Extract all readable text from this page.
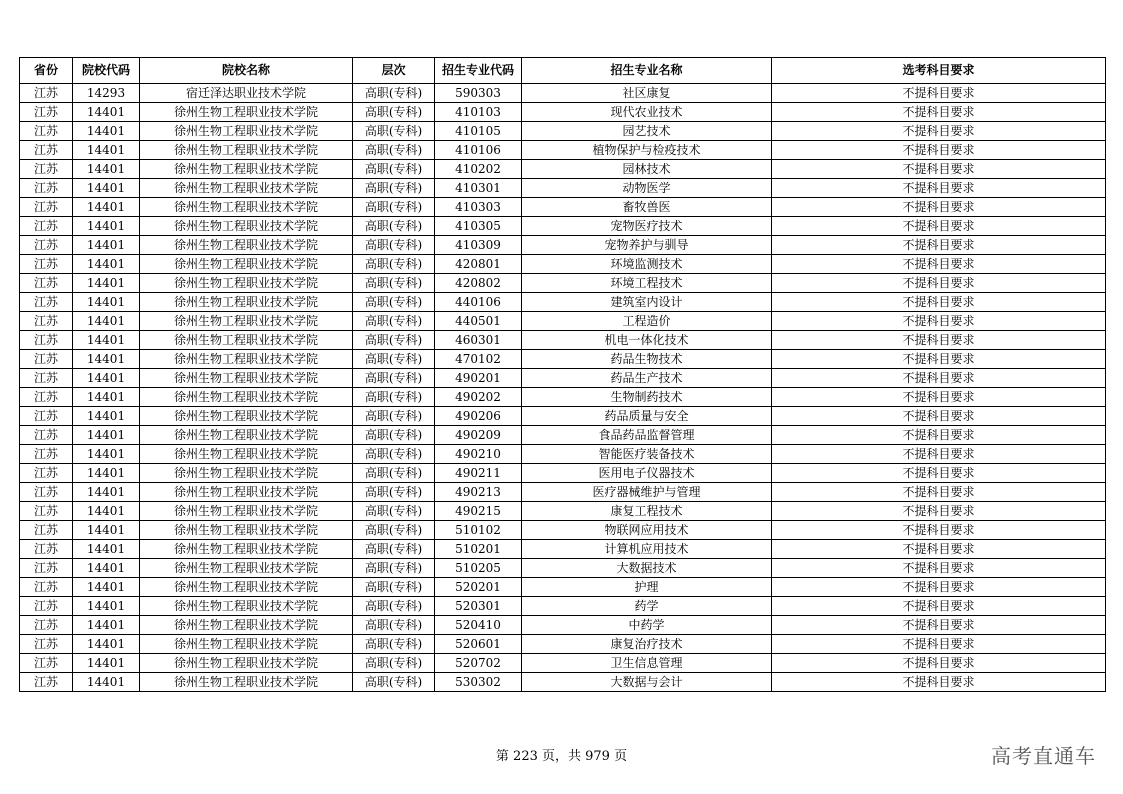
省份	院校代码	院校名称	层次	招生专业代码	招生专业名称	选考科目要求
江苏	14293	宿迁泽达职业技术学院	高职(专科)	590303	社区康复	不提科目要求
江苏	14401	徐州生物工程职业技术学院	高职(专科)	410103	现代农业技术	不提科目要求
江苏	14401	徐州生物工程职业技术学院	高职(专科)	410105	园艺技术	不提科目要求
江苏	14401	徐州生物工程职业技术学院	高职(专科)	410106	植物保护与检疫技术	不提科目要求
江苏	14401	徐州生物工程职业技术学院	高职(专科)	410202	园林技术	不提科目要求
江苏	14401	徐州生物工程职业技术学院	高职(专科)	410301	动物医学	不提科目要求
江苏	14401	徐州生物工程职业技术学院	高职(专科)	410303	畜牧兽医	不提科目要求
江苏	14401	徐州生物工程职业技术学院	高职(专科)	410305	宠物医疗技术	不提科目要求
江苏	14401	徐州生物工程职业技术学院	高职(专科)	410309	宠物养护与驯导	不提科目要求
江苏	14401	徐州生物工程职业技术学院	高职(专科)	420801	环境监测技术	不提科目要求
江苏	14401	徐州生物工程职业技术学院	高职(专科)	420802	环境工程技术	不提科目要求
江苏	14401	徐州生物工程职业技术学院	高职(专科)	440106	建筑室内设计	不提科目要求
江苏	14401	徐州生物工程职业技术学院	高职(专科)	440501	工程造价	不提科目要求
江苏	14401	徐州生物工程职业技术学院	高职(专科)	460301	机电一体化技术	不提科目要求
江苏	14401	徐州生物工程职业技术学院	高职(专科)	470102	药品生物技术	不提科目要求
江苏	14401	徐州生物工程职业技术学院	高职(专科)	490201	药品生产技术	不提科目要求
江苏	14401	徐州生物工程职业技术学院	高职(专科)	490202	生物制药技术	不提科目要求
江苏	14401	徐州生物工程职业技术学院	高职(专科)	490206	药品质量与安全	不提科目要求
江苏	14401	徐州生物工程职业技术学院	高职(专科)	490209	食品药品监督管理	不提科目要求
江苏	14401	徐州生物工程职业技术学院	高职(专科)	490210	智能医疗装备技术	不提科目要求
江苏	14401	徐州生物工程职业技术学院	高职(专科)	490211	医用电子仪器技术	不提科目要求
江苏	14401	徐州生物工程职业技术学院	高职(专科)	490213	医疗器械维护与管理	不提科目要求
江苏	14401	徐州生物工程职业技术学院	高职(专科)	490215	康复工程技术	不提科目要求
江苏	14401	徐州生物工程职业技术学院	高职(专科)	510102	物联网应用技术	不提科目要求
江苏	14401	徐州生物工程职业技术学院	高职(专科)	510201	计算机应用技术	不提科目要求
江苏	14401	徐州生物工程职业技术学院	高职(专科)	510205	大数据技术	不提科目要求
江苏	14401	徐州生物工程职业技术学院	高职(专科)	520201	护理	不提科目要求
江苏	14401	徐州生物工程职业技术学院	高职(专科)	520301	药学	不提科目要求
江苏	14401	徐州生物工程职业技术学院	高职(专科)	520410	中药学	不提科目要求
江苏	14401	徐州生物工程职业技术学院	高职(专科)	520601	康复治疗技术	不提科目要求
江苏	14401	徐州生物工程职业技术学院	高职(专科)	520702	卫生信息管理	不提科目要求
江苏	14401	徐州生物工程职业技术学院	高职(专科)	530302	大数据与会计	不提科目要求
第 223 页，共 979 页	高考直通车
